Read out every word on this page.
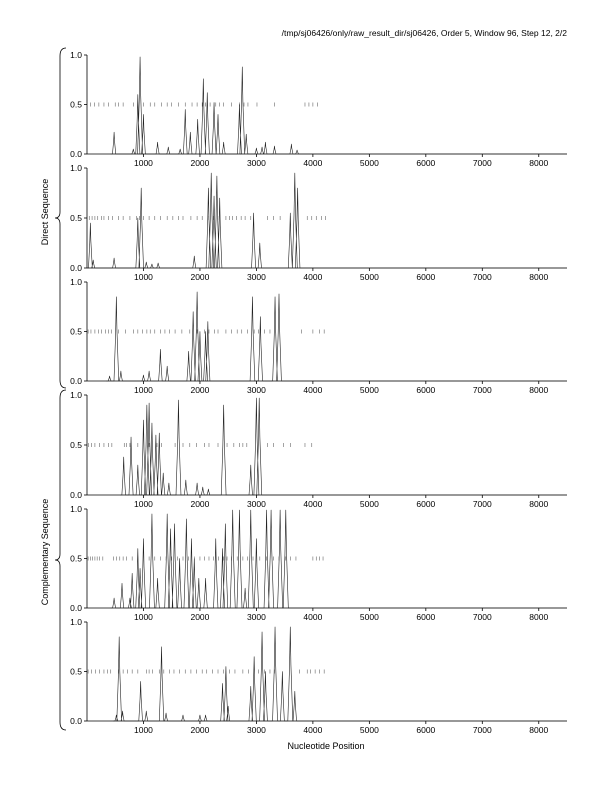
/tmp/sj06426/only/raw_result_dir/sj06426, Order 5, Window 96, Step 12, 2/2
0.0
0.5
1.0
1000	2000	3000	4000	5000	6000	7000	8000
0.0
0.5
1.0
1000	2000	3000	4000	5000	6000	7000	8000
0.0
0.5
1.0
1000	2000	3000	4000	5000	6000	7000	8000
0.0
0.5
1.0
1000	2000	3000	4000	5000	6000	7000	8000
0.0
0.5
1.0
1000	2000	3000	4000	5000	6000	7000	8000
0.0
0.5
1.0
1000	2000	3000	4000	5000	6000	7000	8000
Direct Sequence
Complementary Sequence
Nucleotide Position
